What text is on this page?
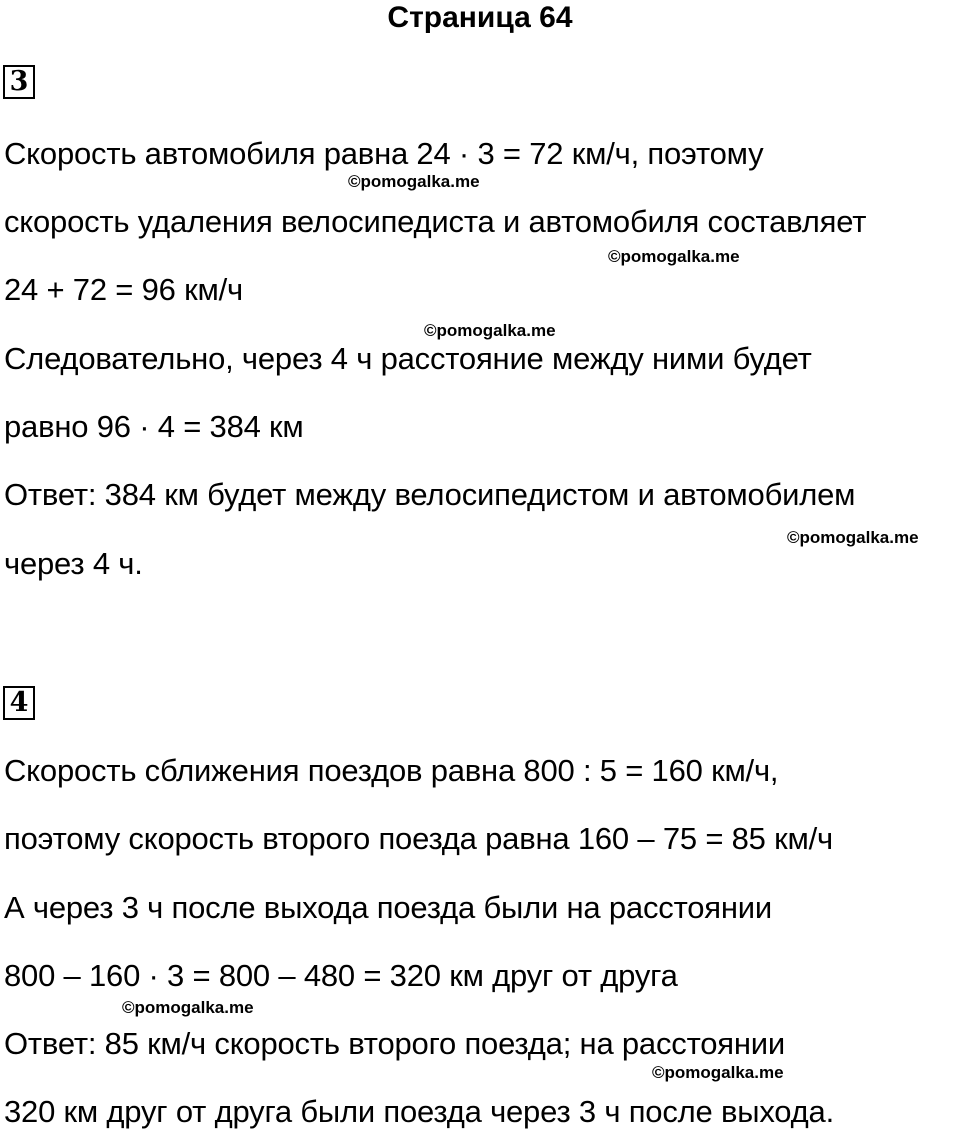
Страница 64
3
Скорость автомобиля равна 24 · 3 = 72 км/ч, поэтому
скорость удаления велосипедиста и автомобиля составляет
24 + 72 = 96 км/ч
Следовательно, через 4 ч расстояние между ними будет
равно 96 · 4 = 384 км
Ответ: 384 км будет между велосипедистом и автомобилем
через 4 ч.
©pomogalka.me
©pomogalka.me
©pomogalka.me
©pomogalka.me
4
Скорость сближения поездов равна 800 : 5 = 160 км/ч,
поэтому скорость второго поезда равна 160 – 75 = 85 км/ч
А через 3 ч после выхода поезда были на расстоянии
800 – 160 · 3 = 800 – 480 = 320 км друг от друга
Ответ: 85 км/ч скорость второго поезда; на расстоянии
320 км друг от друга были поезда через 3 ч после выхода.
©pomogalka.me
©pomogalka.me
